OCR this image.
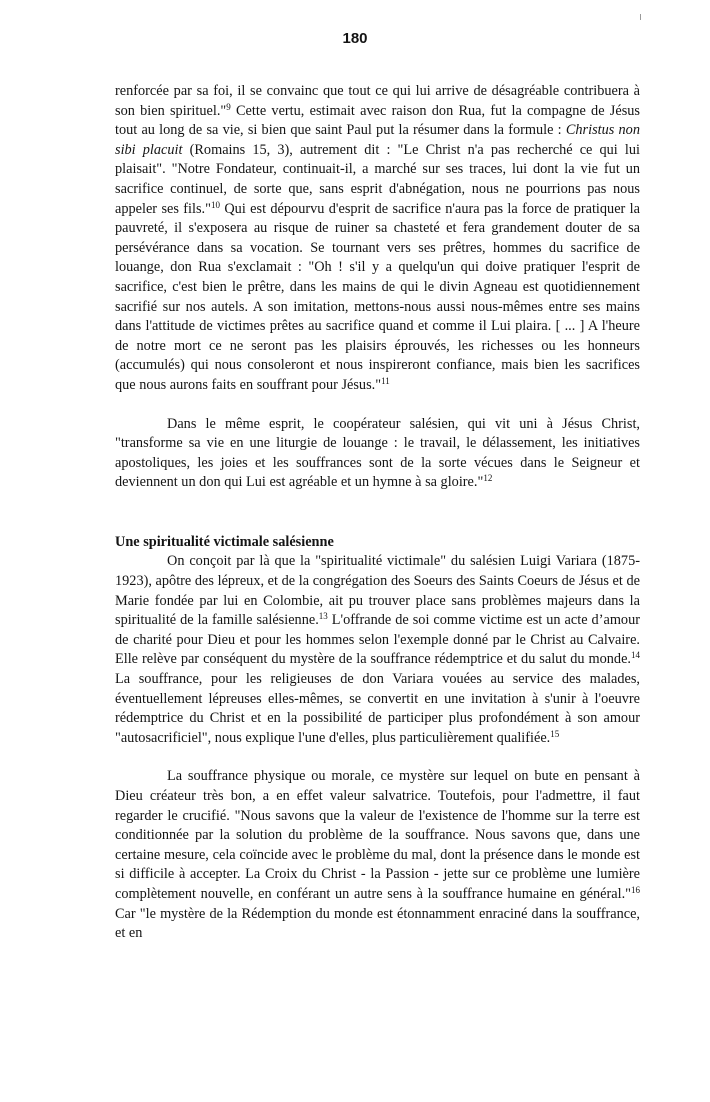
180

renforcée par sa foi, il se convainc que tout ce qui lui arrive de désagréable contribuera à son bien spirituel."$^9$ Cette vertu, estimait avec raison don Rua, fut la compagne de Jésus tout au long de sa vie, si bien que saint Paul put la résumer dans la formule : Christus non sibi placuit (Romains 15, 3), autrement dit : "Le Christ n'a pas recherché ce qui lui plaisait". "Notre Fondateur, continuait-il, a marché sur ses traces, lui dont la vie fut un sacrifice continuel, de sorte que, sans esprit d'abnégation, nous ne pourrions pas nous appeler ses fils."$^{10}$ Qui est dépourvu d'esprit de sacrifice n'aura pas la force de pratiquer la pauvreté, il s'exposera au risque de ruiner sa chasteté et fera grandement douter de sa persévérance dans sa vocation. Se tournant vers ses prêtres, hommes du sacrifice de louange, don Rua s'exclamait : "Oh ! s'il y a quelqu'un qui doive pratiquer l'esprit de sacrifice, c'est bien le prêtre, dans les mains de qui le divin Agneau est quotidiennement sacrifié sur nos autels. A son imitation, mettons-nous aussi nous-mêmes entre ses mains dans l'attitude de victimes prêtes au sacrifice quand et comme il Lui plaira. [ ... ] A l'heure de notre mort ce ne seront pas les plaisirs éprouvés, les richesses ou les honneurs (accumulés) qui nous consoleront et nous inspireront confiance, mais bien les sacrifices que nous aurons faits en souffrant pour Jésus."$^{11}$

Dans le même esprit, le coopérateur salésien, qui vit uni à Jésus Christ, "transforme sa vie en une liturgie de louange : le travail, le délassement, les initiatives apostoliques, les joies et les souffrances sont de la sorte vécues dans le Seigneur et deviennent un don qui Lui est agréable et un hymne à sa gloire."$^{12}$

Une spiritualité victimale salésienne

On conçoit par là que la "spiritualité victimale" du salésien Luigi Variara (1875-1923), apôtre des lépreux, et de la congrégation des Soeurs des Saints Coeurs de Jésus et de Marie fondée par lui en Colombie, ait pu trouver place sans problèmes majeurs dans la spiritualité de la famille salésienne.$^{13}$ L'offrande de soi comme victime est un acte d’amour de charité pour Dieu et pour les hommes selon l'exemple donné par le Christ au Calvaire. Elle relève par conséquent du mystère de la souffrance rédemptrice et du salut du monde.$^{14}$ La souffrance, pour les religieuses de don Variara vouées au service des malades, éventuellement lépreuses elles-mêmes, se convertit en une invitation à s'unir à l'oeuvre rédemptrice du Christ et en la possibilité de participer plus profondément à son amour "autosacrificiel", nous explique l'une d'elles, plus particulièrement qualifiée.$^{15}$

La souffrance physique ou morale, ce mystère sur lequel on bute en pensant à Dieu créateur très bon, a en effet valeur salvatrice. Toutefois, pour l'admettre, il faut regarder le crucifié. "Nous savons que la valeur de l'existence de l'homme sur la terre est conditionnée par la solution du problème de la souffrance. Nous savons que, dans une certaine mesure, cela coïncide avec le problème du mal, dont la présence dans le monde est si difficile à accepter. La Croix du Christ - la Passion - jette sur ce problème une lumière complètement nouvelle, en conférant un autre sens à la souffrance humaine en général."$^{16}$ Car "le mystère de la Rédemption du monde est étonnamment enraciné dans la souffrance, et en
